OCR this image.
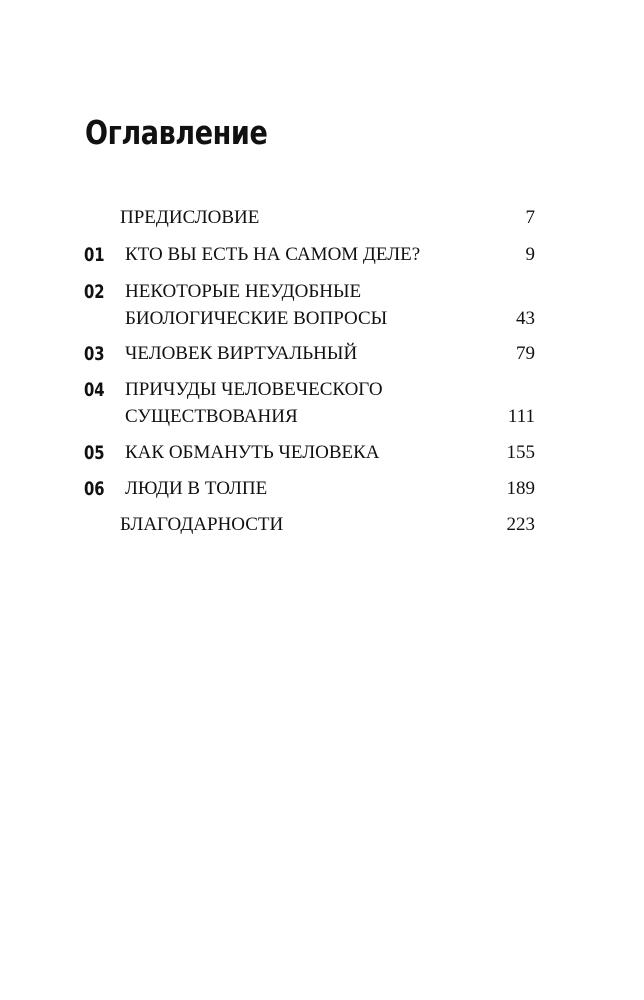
Оглавление
ПРЕДИСЛОВИЕ	7
01 КТО ВЫ ЕСТЬ НА САМОМ ДЕЛЕ?	9
02 НЕКОТОРЫЕ НЕУДОБНЫЕ
БИОЛОГИЧЕСКИЕ ВОПРОСЫ	43
03 ЧЕЛОВЕК ВИРТУАЛЬНЫЙ	79
04 ПРИЧУДЫ ЧЕЛОВЕЧЕСКОГО
СУЩЕСТВОВАНИЯ	111
05 КАК ОБМАНУТЬ ЧЕЛОВЕКА	155
06 ЛЮДИ В ТОЛПЕ	189
БЛАГОДАРНОСТИ	223
